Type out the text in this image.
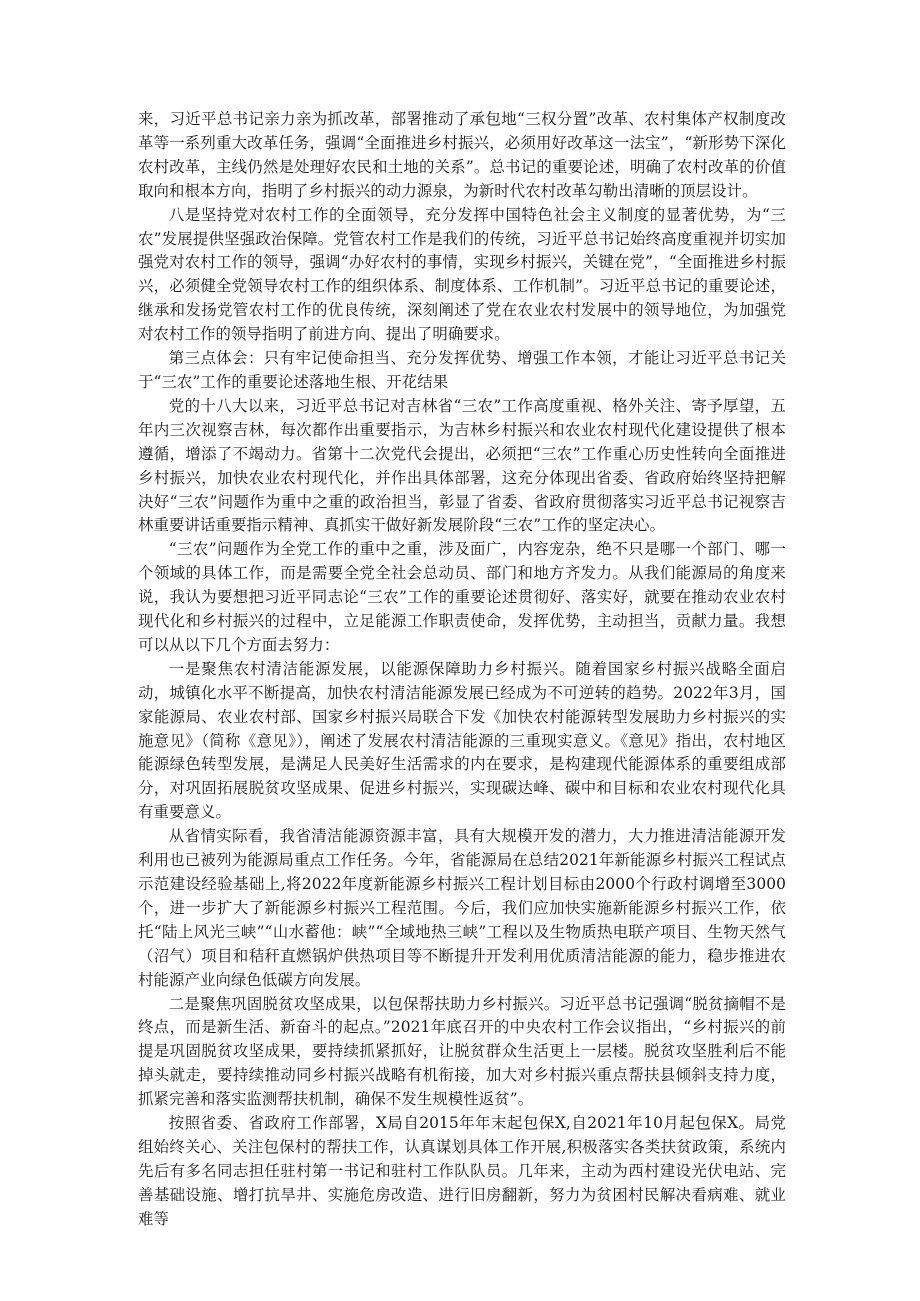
来，习近平总书记亲力亲为抓改革，部署推动了承包地“三权分置”改革、农村集体产权制度改革等一系列重大改革任务，强调“全面推进乡村振兴，必须用好改革这一法宝”，“新形势下深化农村改革，主线仍然是处理好农民和土地的关系”。总书记的重要论述，明确了农村改革的价值取向和根本方向，指明了乡村振兴的动力源泉，为新时代农村改革勾勒出清晰的顶层设计。

八是坚持党对农村工作的全面领导，充分发挥中国特色社会主义制度的显著优势，为“三农”发展提供坚强政治保障。党管农村工作是我们的传统，习近平总书记始终高度重视并切实加强党对农村工作的领导，强调“办好农村的事情，实现乡村振兴，关键在党”，“全面推进乡村振兴，必须健全党领导农村工作的组织体系、制度体系、工作机制”。习近平总书记的重要论述，继承和发扬党管农村工作的优良传统，深刻阐述了党在农业农村发展中的领导地位，为加强党对农村工作的领导指明了前进方向、提出了明确要求。

第三点体会：只有牢记使命担当、充分发挥优势、增强工作本领，才能让习近平总书记关于“三农”工作的重要论述落地生根、开花结果

党的十八大以来，习近平总书记对吉林省“三农”工作高度重视、格外关注、寄予厚望，五年内三次视察吉林，每次都作出重要指示，为吉林乡村振兴和农业农村现代化建设提供了根本遵循，增添了不竭动力。省第十二次党代会提出，必须把“三农”工作重心历史性转向全面推进乡村振兴，加快农业农村现代化，并作出具体部署，这充分体现出省委、省政府始终坚持把解决好“三农”问题作为重中之重的政治担当，彰显了省委、省政府贯彻落实习近平总书记视察吉林重要讲话重要指示精神、真抓实干做好新发展阶段“三农”工作的坚定决心。

“三农”问题作为全党工作的重中之重，涉及面广，内容宠杂，绝不只是哪一个部门、哪一个领域的具体工作，而是需要全党全社会总动员、部门和地方齐发力。从我们能源局的角度来说，我认为要想把习近平同志论“三农”工作的重要论述贯彻好、落实好，就要在推动农业农村现代化和乡村振兴的过程中，立足能源工作职责使命，发挥优势，主动担当，贡献力量。我想可以从以下几个方面去努力：

一是聚焦农村清洁能源发展，以能源保障助力乡村振兴。随着国家乡村振兴战略全面启动，城镇化水平不断提高，加快农村清洁能源发展已经成为不可逆转的趋势。2022年3月，国家能源局、农业农村部、国家乡村振兴局联合下发《加快农村能源转型发展助力乡村振兴的实施意见》（简称《意见》），阐述了发展农村清洁能源的三重现实意义。《意见》指出，农村地区能源绿色转型发展，是满足人民美好生活需求的内在要求，是构建现代能源体系的重要组成部分，对巩固拓展脱贫攻坚成果、促进乡村振兴，实现碳达峰、碳中和目标和农业农村现代化具有重要意义。

从省情实际看，我省清洁能源资源丰富，具有大规模开发的潜力，大力推进清洁能源开发利用也已被列为能源局重点工作任务。今年，省能源局在总结2021年新能源乡村振兴工程试点示范建设经验基础上,将2022年度新能源乡村振兴工程计划目标由2000个行政村调增至3000个，进一步扩大了新能源乡村振兴工程范围。今后，我们应加快实施新能源乡村振兴工作，依托“陆上风光三峡”“山水蓄他：峡”“全域地热三峡”工程以及生物质热电联产项目、生物天然气（沼气）项目和秸秆直燃锅炉供热项目等不断提升开发利用优质清洁能源的能力，稳步推进农村能源产业向绿色低碳方向发展。

二是聚焦巩固脱贫攻坚成果，以包保帮扶助力乡村振兴。习近平总书记强调“脱贫摘帽不是终点，而是新生活、新奋斗的起点。”2021年底召开的中央农村工作会议指出，“乡村振兴的前提是巩固脱贫攻坚成果，要持续抓紧抓好，让脱贫群众生活更上一层楼。脱贫攻坚胜利后不能掉头就走，要持续推动同乡村振兴战略有机衔接，加大对乡村振兴重点帮扶县倾斜支持力度，抓紧完善和落实监测帮扶机制，确保不发生规模性返贫”。

按照省委、省政府工作部署，X局自2015年年末起包保X,自2021年10月起包保X。局党组始终关心、关注包保村的帮扶工作，认真谋划具体工作开展,积极落实各类扶贫政策，系统内先后有多名同志担任驻村第一书记和驻村工作队队员。几年来，主动为西村建设光伏电站、完善基础设施、增打抗旱井、实施危房改造、进行旧房翻新，努力为贫困村民解决看病难、就业难等
